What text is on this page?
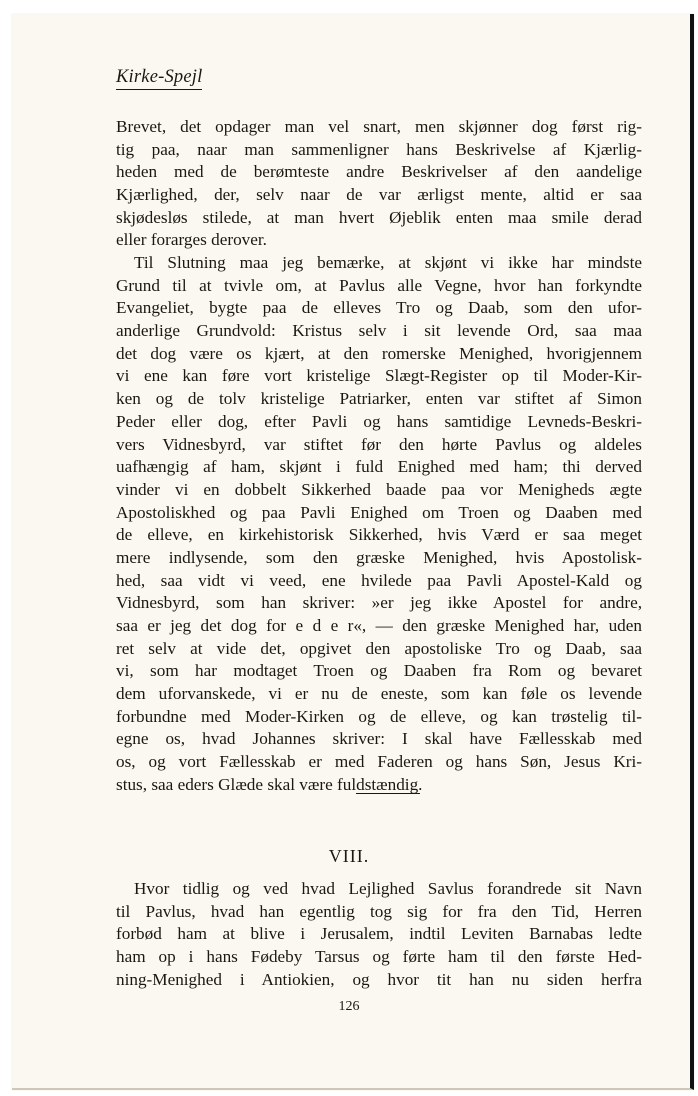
Kirke-Spejl
Brevet, det opdager man vel snart, men skjønner dog først rig-
tig paa, naar man sammenligner hans Beskrivelse af Kjærlig-
heden med de berømteste andre Beskrivelser af den aandelige
Kjærlighed, der, selv naar de var ærligst mente, altid er saa
skjødesløs stilede, at man hvert Øjeblik enten maa smile derad
eller forarges derover.
Til Slutning maa jeg bemærke, at skjønt vi ikke har mindste
Grund til at tvivle om, at Pavlus alle Vegne, hvor han forkyndte
Evangeliet, bygte paa de elleves Tro og Daab, som den ufor-
anderlige Grundvold: Kristus selv i sit levende Ord, saa maa
det dog være os kjært, at den romerske Menighed, hvorigjennem
vi ene kan føre vort kristelige Slægt-Register op til Moder-Kir-
ken og de tolv kristelige Patriarker, enten var stiftet af Simon
Peder eller dog, efter Pavli og hans samtidige Levneds-Beskri-
vers Vidnesbyrd, var stiftet før den hørte Pavlus og aldeles
uafhængig af ham, skjønt i fuld Enighed med ham; thi derved
vinder vi en dobbelt Sikkerhed baade paa vor Menigheds ægte
Apostoliskhed og paa Pavli Enighed om Troen og Daaben med
de elleve, en kirkehistorisk Sikkerhed, hvis Værd er saa meget
mere indlysende, som den græske Menighed, hvis Apostolisk-
hed, saa vidt vi veed, ene hvilede paa Pavli Apostel-Kald og
Vidnesbyrd, som han skriver: »er jeg ikke Apostel for andre,
saa er jeg det dog for e d e r«, — den græske Menighed har, uden
ret selv at vide det, opgivet den apostoliske Tro og Daab, saa
vi, som har modtaget Troen og Daaben fra Rom og bevaret
dem uforvanskede, vi er nu de eneste, som kan føle os levende
forbundne med Moder-Kirken og de elleve, og kan trøstelig til-
egne os, hvad Johannes skriver: I skal have Fællesskab med
os, og vort Fællesskab er med Faderen og hans Søn, Jesus Kri-
stus, saa eders Glæde skal være fuldstændig.
VIII.
Hvor tidlig og ved hvad Lejlighed Savlus forandrede sit Navn
til Pavlus, hvad han egentlig tog sig for fra den Tid, Herren
forbød ham at blive i Jerusalem, indtil Leviten Barnabas ledte
ham op i hans Fødeby Tarsus og førte ham til den første Hed-
ning-Menighed i Antiokien, og hvor tit han nu siden herfra
126
